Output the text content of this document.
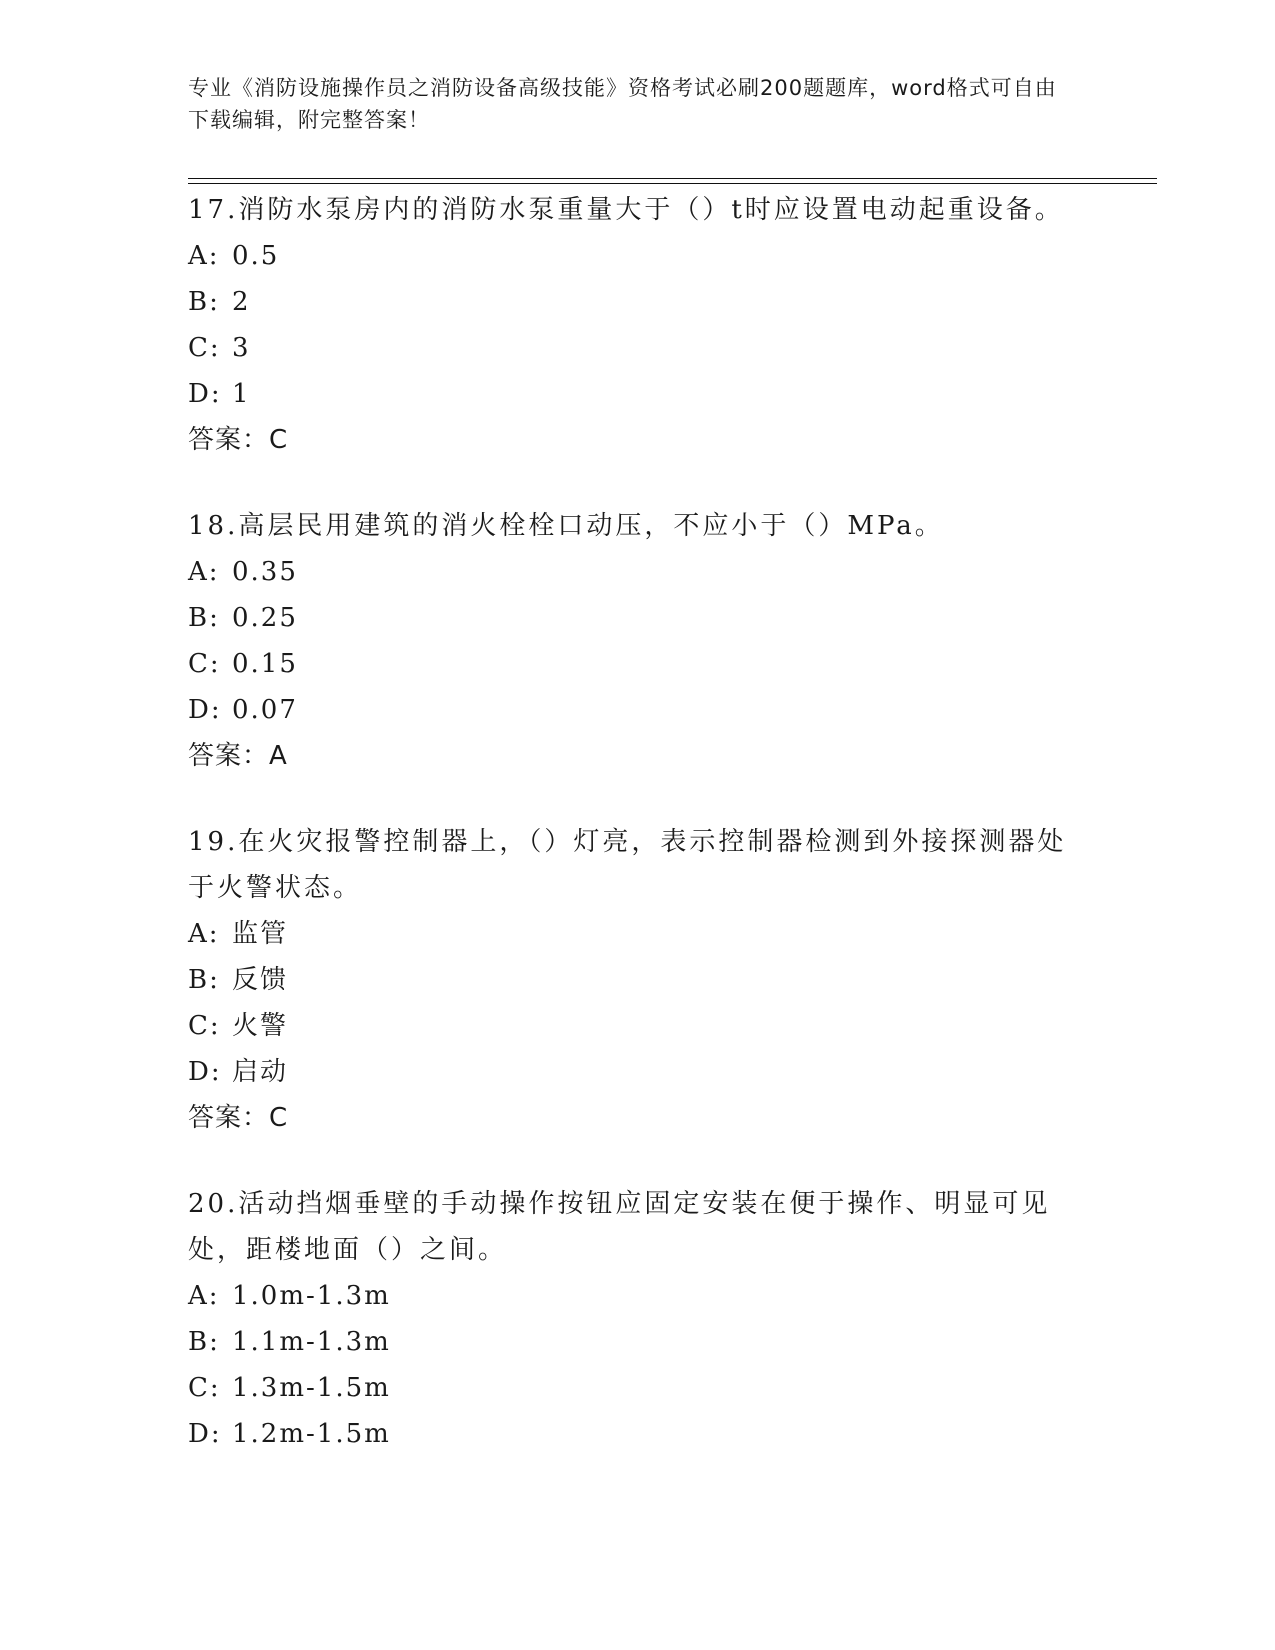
专业《消防设施操作员之消防设备高级技能》资格考试必刷200题题库，word格式可自由下载编辑，附完整答案！

17.消防水泵房内的消防水泵重量大于（）t时应设置电动起重设备。

A: 0.5

B: 2

C: 3

D: 1

答案：C

18.高层民用建筑的消火栓栓口动压，不应小于（）MPa。

A: 0.35

B: 0.25

C: 0.15

D: 0.07

答案：A

19.在火灾报警控制器上，（）灯亮，表示控制器检测到外接探测器处于火警状态。

A: 监管

B: 反馈

C: 火警

D: 启动

答案：C

20.活动挡烟垂壁的手动操作按钮应固定安装在便于操作、明显可见处，距楼地面（）之间。

A: 1.0m-1.3m

B: 1.1m-1.3m

C: 1.3m-1.5m

D: 1.2m-1.5m
